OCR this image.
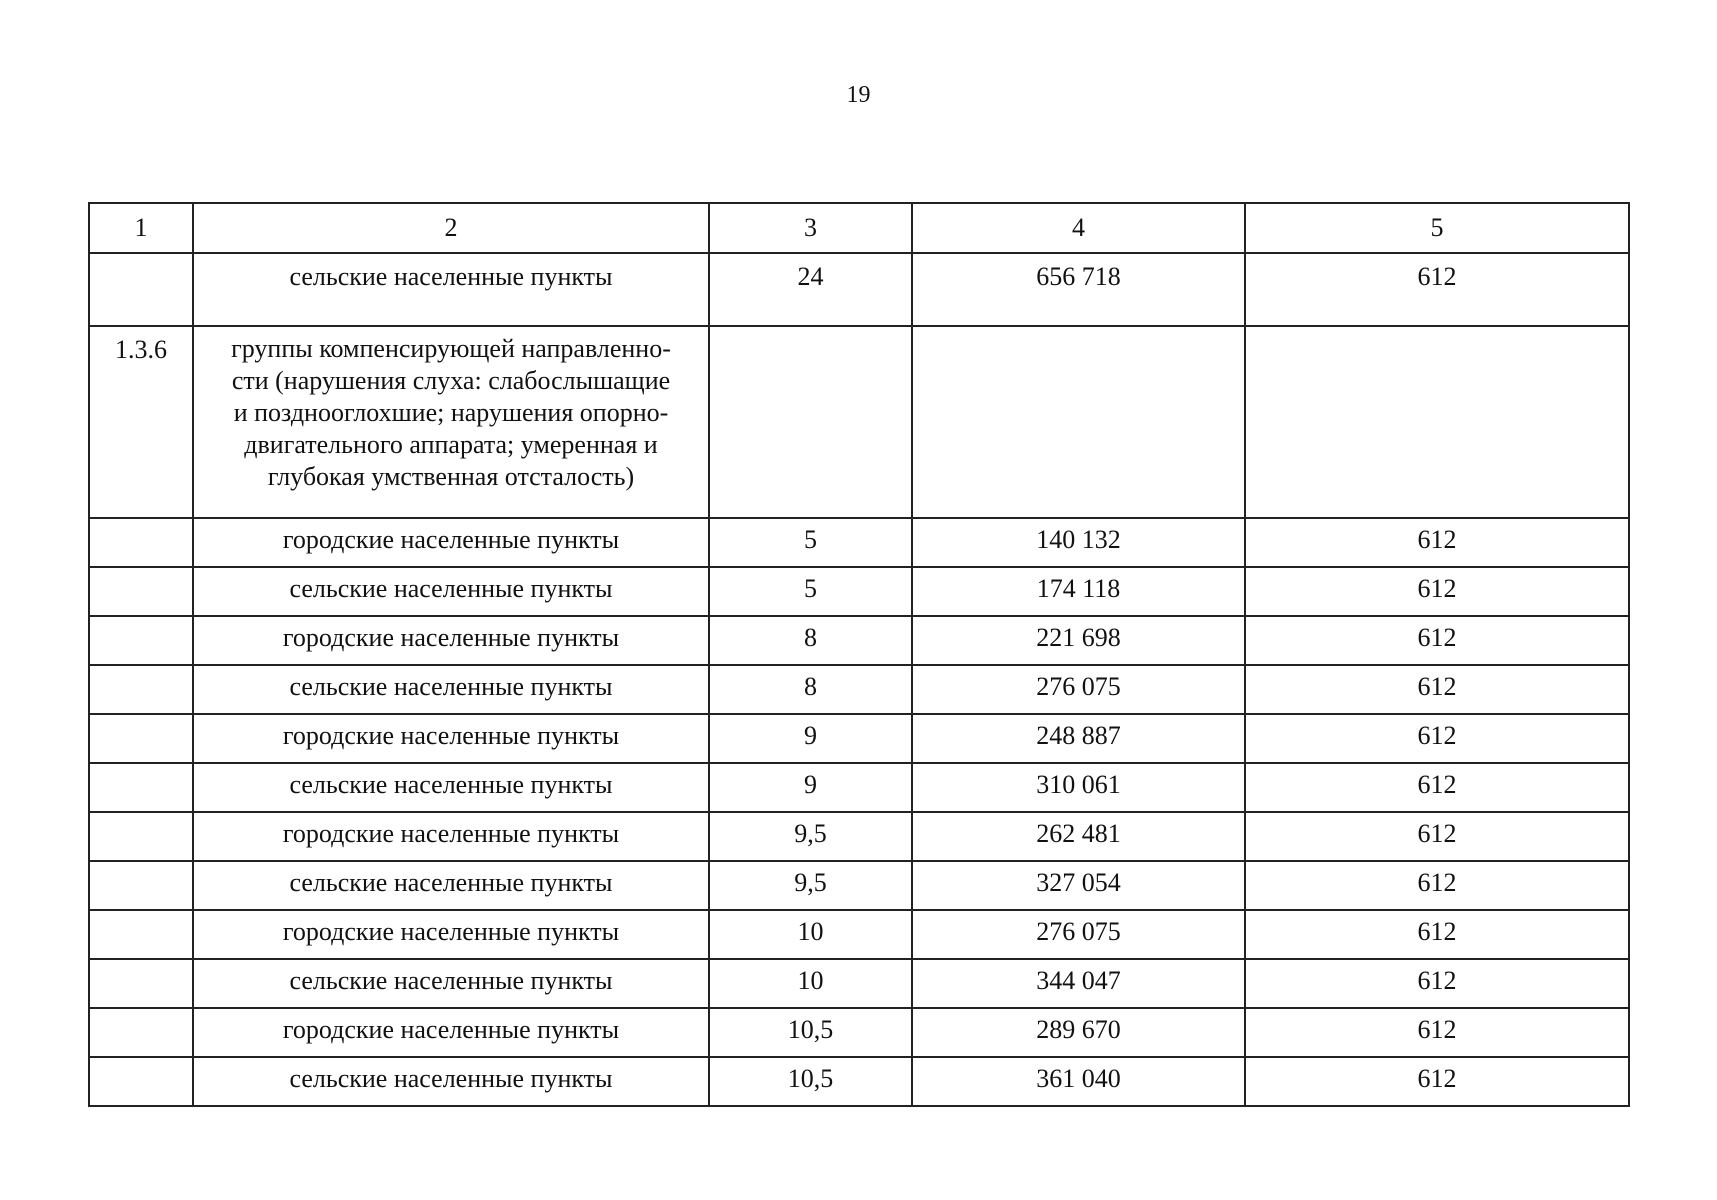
19
1	2	3	4	5
	сельские населенные пункты	24	656 718	612
1.3.6	группы компенсирующей направленно-
сти (нарушения слуха: слабослышащие
и позднооглохшие; нарушения опорно-
двигательного аппарата; умеренная и
глубокая умственная отсталость)			

	городские населенные пункты	5	140 132	612
	сельские населенные пункты	5	174 118	612
	городские населенные пункты	8	221 698	612
	сельские населенные пункты	8	276 075	612
	городские населенные пункты	9	248 887	612
	сельские населенные пункты	9	310 061	612
	городские населенные пункты	9,5	262 481	612
	сельские населенные пункты	9,5	327 054	612
	городские населенные пункты	10	276 075	612
	сельские населенные пункты	10	344 047	612
	городские населенные пункты	10,5	289 670	612
	сельские населенные пункты	10,5	361 040	612
